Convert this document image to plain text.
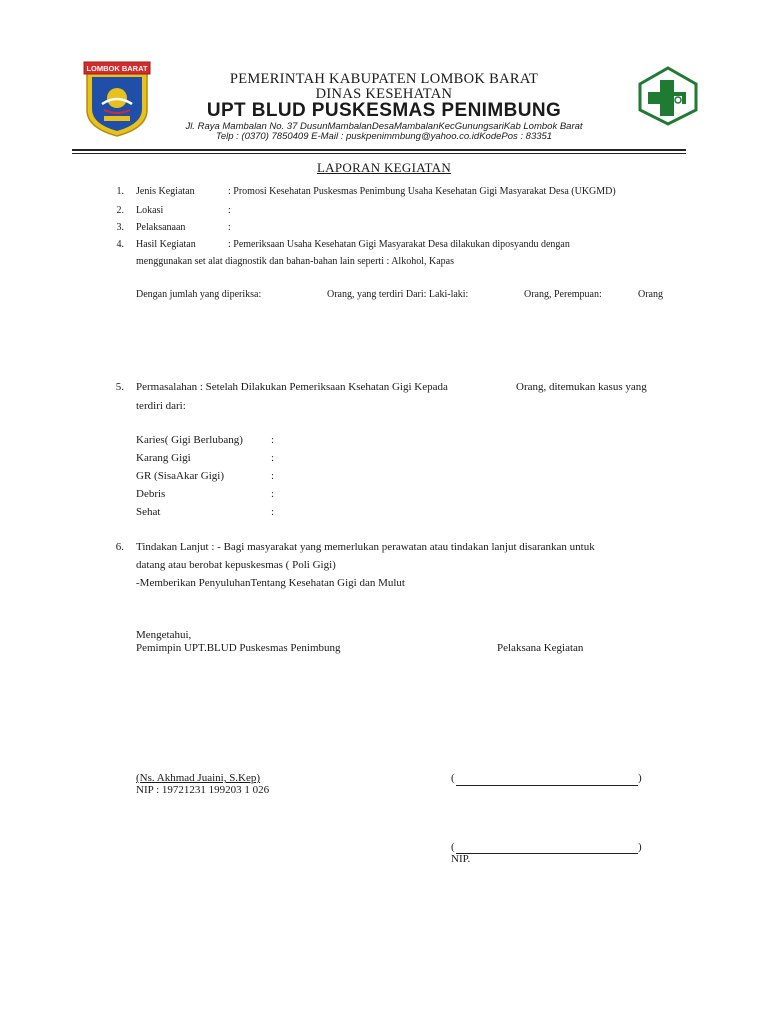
LOMBOK BARAT
PEMERINTAH KABUPATEN LOMBOK BARAT
DINAS KESEHATAN
UPT BLUD PUSKESMAS PENIMBUNG
Jl. Raya Mambalan No. 37 DusunMambalanDesaMambalanKecGunungsariKab Lombok Barat
Telp : (0370) 7850409 E-Mail : puskpenimmbung@yahoo.co.idKodePos : 83351
LAPORAN KEGIATAN
1. Jenis Kegiatan	: Promosi Kesehatan Puskesmas Penimbung Usaha Kesehatan Gigi Masyarakat Desa (UKGMD)
2. Lokasi	:
3. Pelaksanaan	:
4. Hasil Kegiatan	: Pemeriksaan Usaha Kesehatan Gigi Masyarakat Desa dilakukan diposyandu dengan
menggunakan set alat diagnostik dan bahan-bahan lain seperti : Alkohol, Kapas
Dengan jumlah yang diperiksa:	Orang, yang terdiri Dari: Laki-laki:	Orang, Perempuan:	Orang
5. Permasalahan : Setelah Dilakukan Pemeriksaan Ksehatan Gigi Kepada	Orang, ditemukan kasus yang
terdiri dari:
Karies( Gigi Berlubang)	:
Karang Gigi	:
GR (SisaAkar Gigi)	:
Debris	:
Sehat	:
6. Tindakan Lanjut : - Bagi masyarakat yang memerlukan perawatan atau tindakan lanjut disarankan untuk
datang atau berobat kepuskesmas ( Poli Gigi)
-Memberikan PenyuluhanTentang Kesehatan Gigi dan Mulut
Mengetahui,
Pemimpin UPT.BLUD Puskesmas Penimbung	Pelaksana Kegiatan
(Ns. Akhmad Juaini, S.Kep)
NIP : 19721231 199203 1 026
(	)
(	)
NIP.
